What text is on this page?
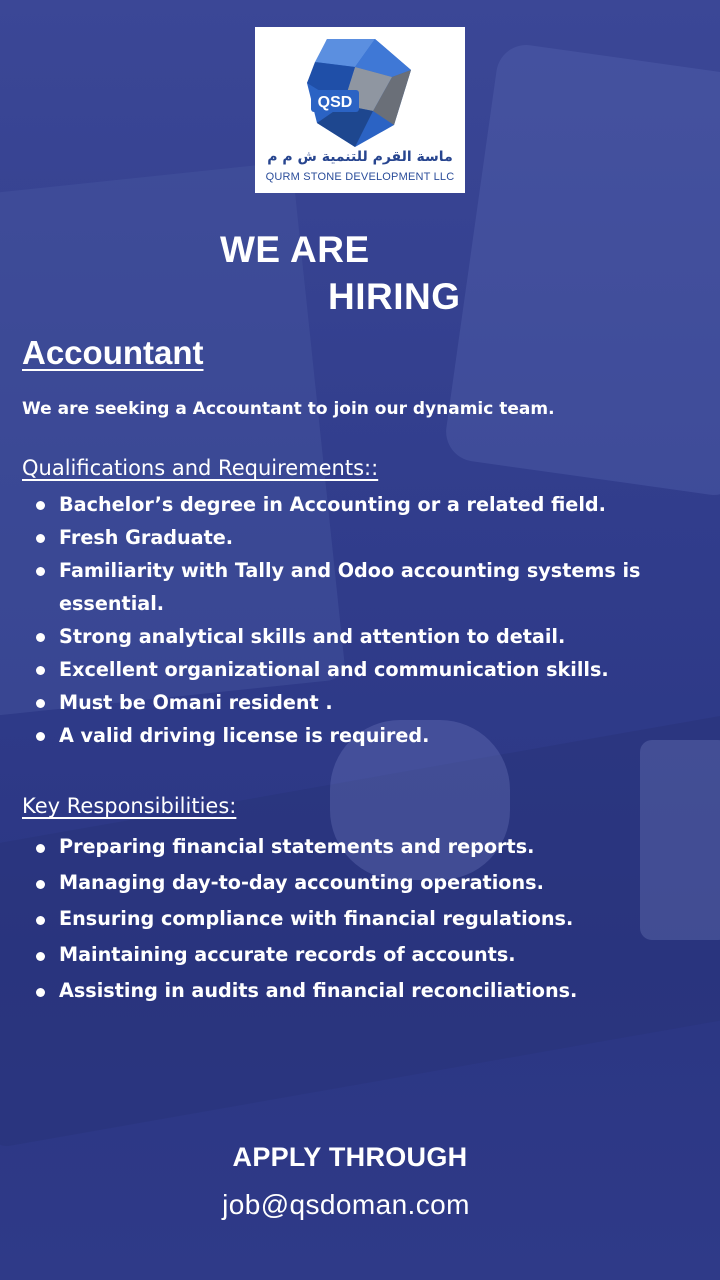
QSD
ماسة القرم للتنمية ش م م
QURM STONE DEVELOPMENT LLC
WE ARE
HIRING
Accountant
We are seeking a Accountant to join our dynamic team.
Qualifications and Requirements::
Bachelor’s degree in Accounting or a related field.
Fresh Graduate.
Familiarity with Tally and Odoo accounting systems is essential.
Strong analytical skills and attention to detail.
Excellent organizational and communication skills.
Must be Omani resident .
A valid driving license is required.
Key Responsibilities:
Preparing financial statements and reports.
Managing day-to-day accounting operations.
Ensuring compliance with financial regulations.
Maintaining accurate records of accounts.
Assisting in audits and financial reconciliations.
APPLY THROUGH
job@qsdoman.com
